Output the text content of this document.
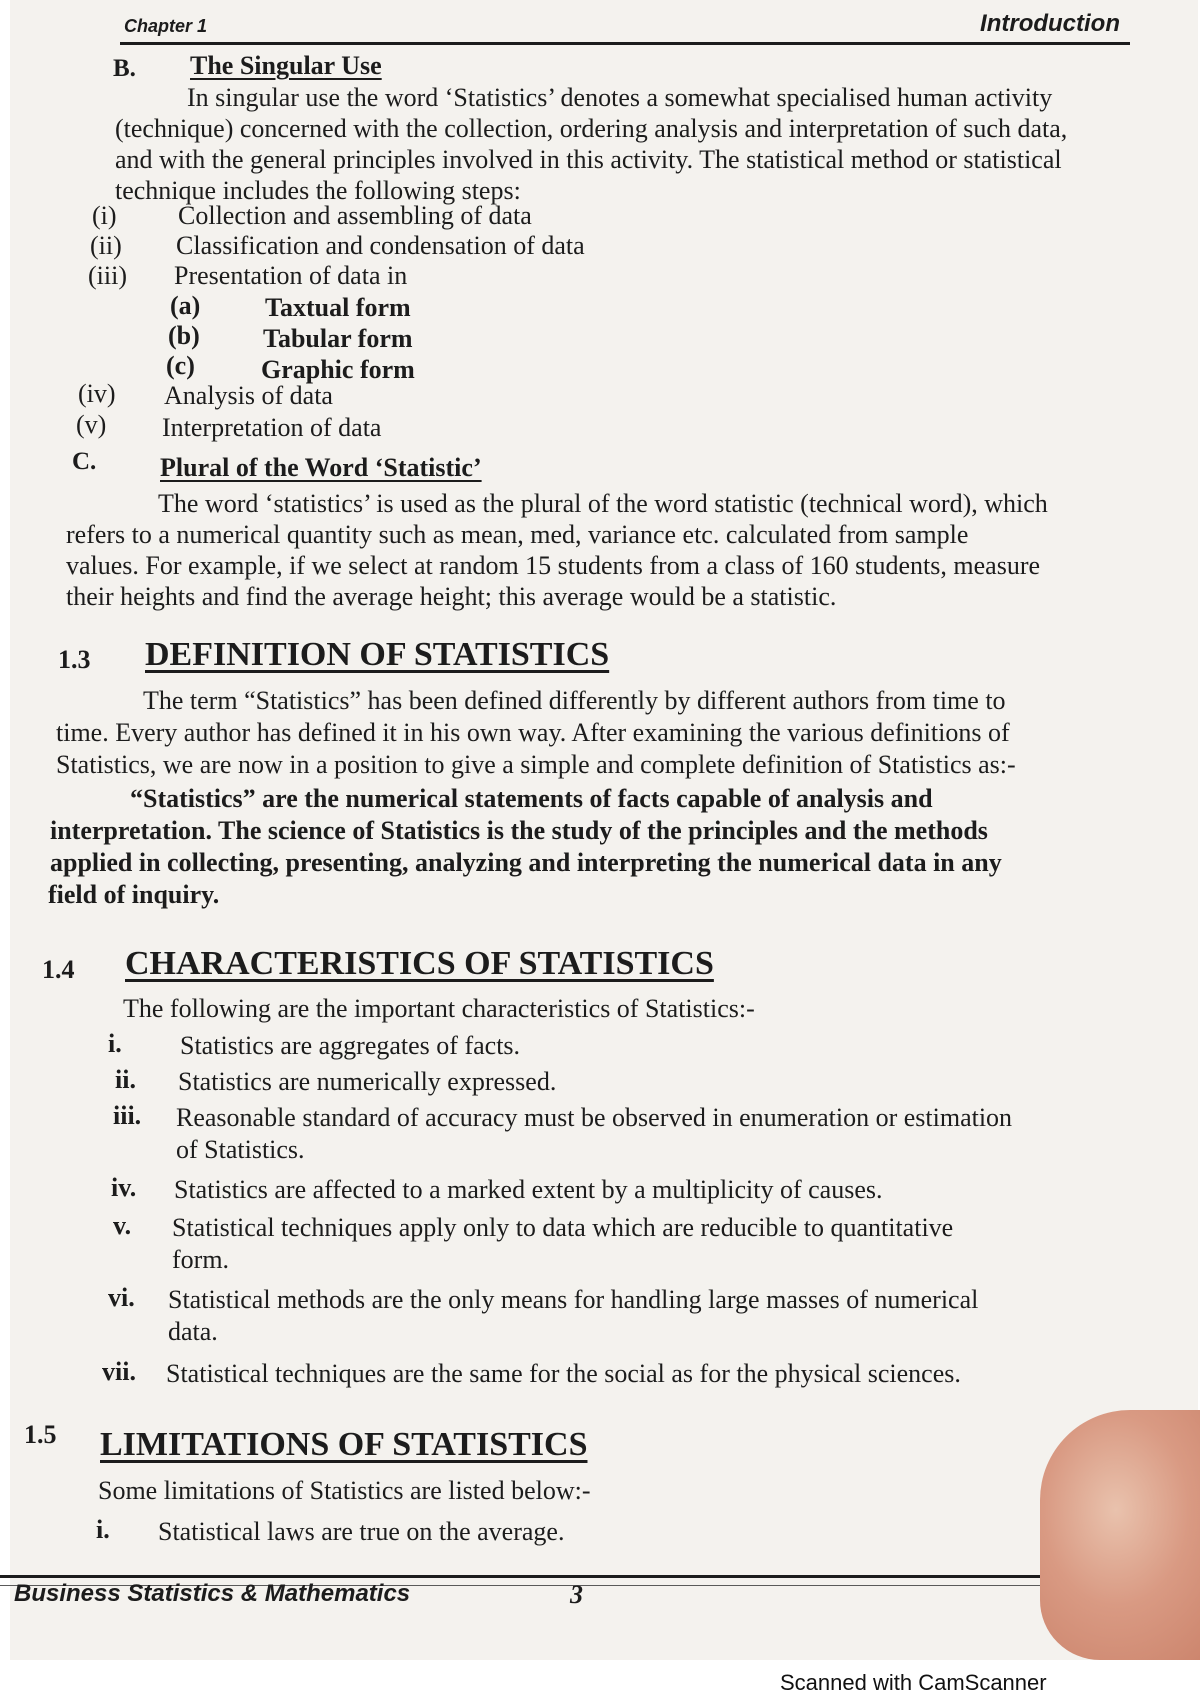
Chapter 1	Introduction
B. The Singular Use
In singular use the word ‘Statistics’ denotes a somewhat specialised human activity
(technique) concerned with the collection, ordering analysis and interpretation of such data,
and with the general principles involved in this activity. The statistical method or statistical
technique includes the following steps:
(i) Collection and assembling of data
(ii) Classification and condensation of data
(iii) Presentation of data in
(a) Taxtual form
(b) Tabular form
(c)	Graphic form
(iv) Analysis of data
(v) Interpretation of data
C. Plural of the Word ‘Statistic’
The word ‘statistics’ is used as the plural of the word statistic (technical word), which
refers to a numerical quantity such as mean, med, variance etc. calculated from sample
values. For example, if we select at random 15 students from a class of 160 students, measure
their heights and find the average height; this average would be a statistic.
1.3 DEFINITION OF STATISTICS
The term “Statistics” has been defined differently by different authors from time to
time. Every author has defined it in his own way. After examining the various definitions of
Statistics, we are now in a position to give a simple and complete definition of Statistics as:-
“Statistics” are the numerical statements of facts capable of analysis and
interpretation. The science of Statistics is the study of the principles and the methods
applied in collecting, presenting, analyzing and interpreting the numerical data in any
field of inquiry.
1.4 CHARACTERISTICS OF STATISTICS
The following are the important characteristics of Statistics:-
i. Statistics are aggregates of facts.
ii. Statistics are numerically expressed.
iii. Reasonable standard of accuracy must be observed in enumeration or estimation
of Statistics.
iv. Statistics are affected to a marked extent by a multiplicity of causes.
v. Statistical techniques apply only to data which are reducible to quantitative
form.
vi. Statistical methods are the only means for handling large masses of numerical
data.
vii. Statistical techniques are the same for the social as for the physical sciences.
1.5 LIMITATIONS OF STATISTICS
Some limitations of Statistics are listed below:-
i. Statistical laws are true on the average.
Business Statistics & Mathematics	3
Scanned with CamScanner
